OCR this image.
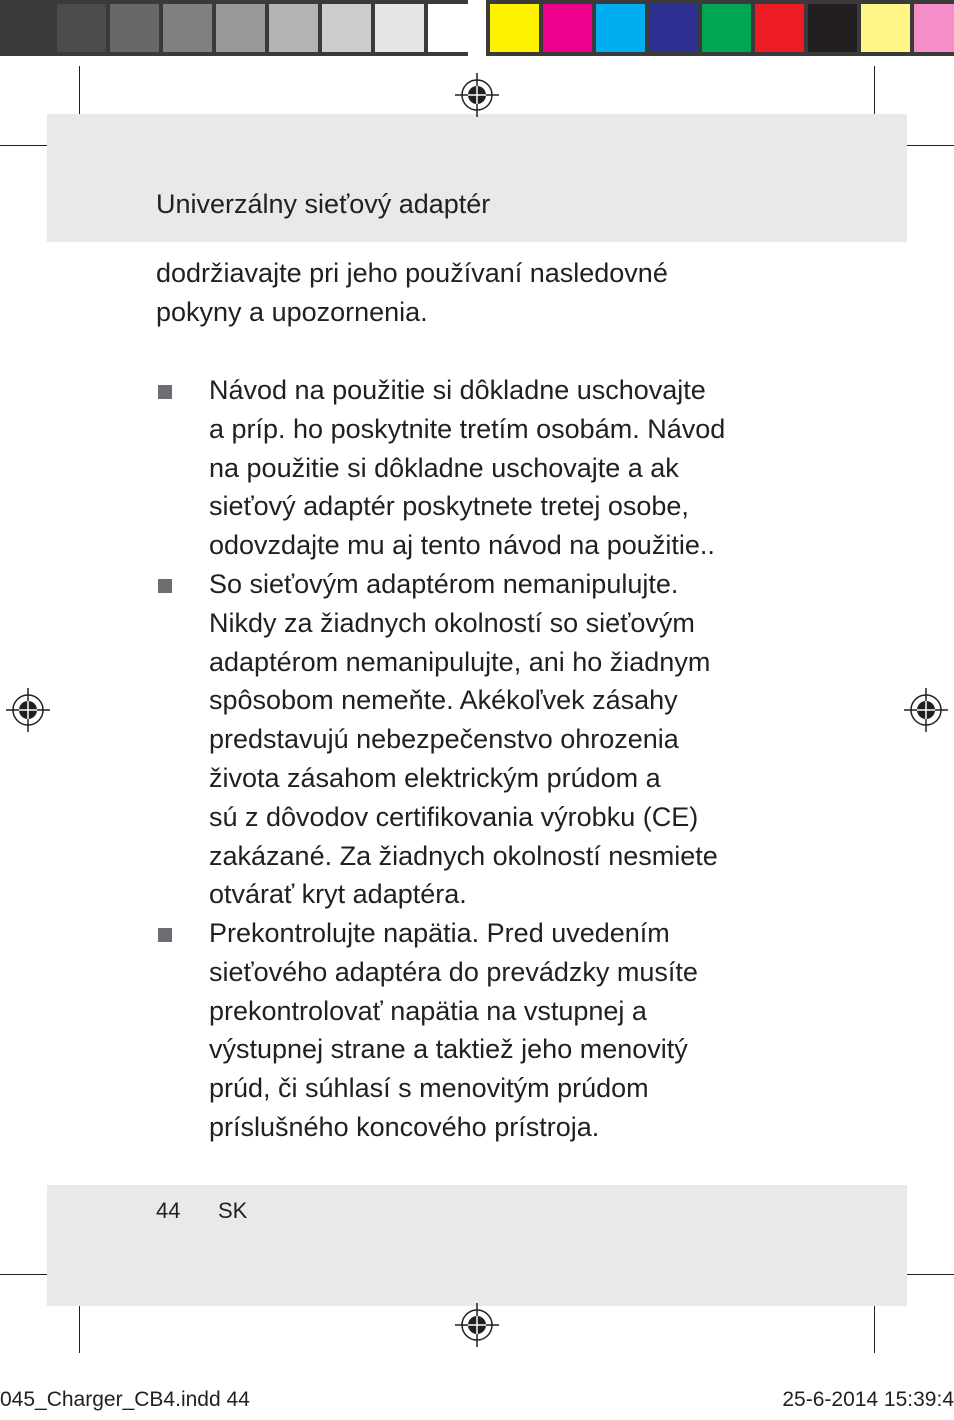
Univerzálny sieťový adaptér
dodržiavajte pri jeho používaní nasledovné
pokyny a upozornenia.
Návod na použitie si dôkladne uschovajte
a príp. ho poskytnite tretím osobám. Návod
na použitie si dôkladne uschovajte a ak
sieťový adaptér poskytnete tretej osobe,
odovzdajte mu aj tento návod na použitie..
So sieťovým adaptérom nemanipulujte.
Nikdy za žiadnych okolností so sieťovým
adaptérom nemanipulujte, ani ho žiadnym
spôsobom nemeňte. Akékoľvek zásahy
predstavujú nebezpečenstvo ohrozenia
života zásahom elektrickým prúdom a
sú z dôvodov certifikovania výrobku (CE)
zakázané. Za žiadnych okolností nesmiete
otvárať kryt adaptéra.
Prekontrolujte napätia. Pred uvedením
sieťového adaptéra do prevádzky musíte
prekontrolovať napätia na vstupnej a
výstupnej strane a taktiež jeho menovitý
prúd, či súhlasí s menovitým prúdom
príslušného koncového prístroja.
44 SK
045_Charger_CB4.indd 44	25-6-2014 15:39:4
